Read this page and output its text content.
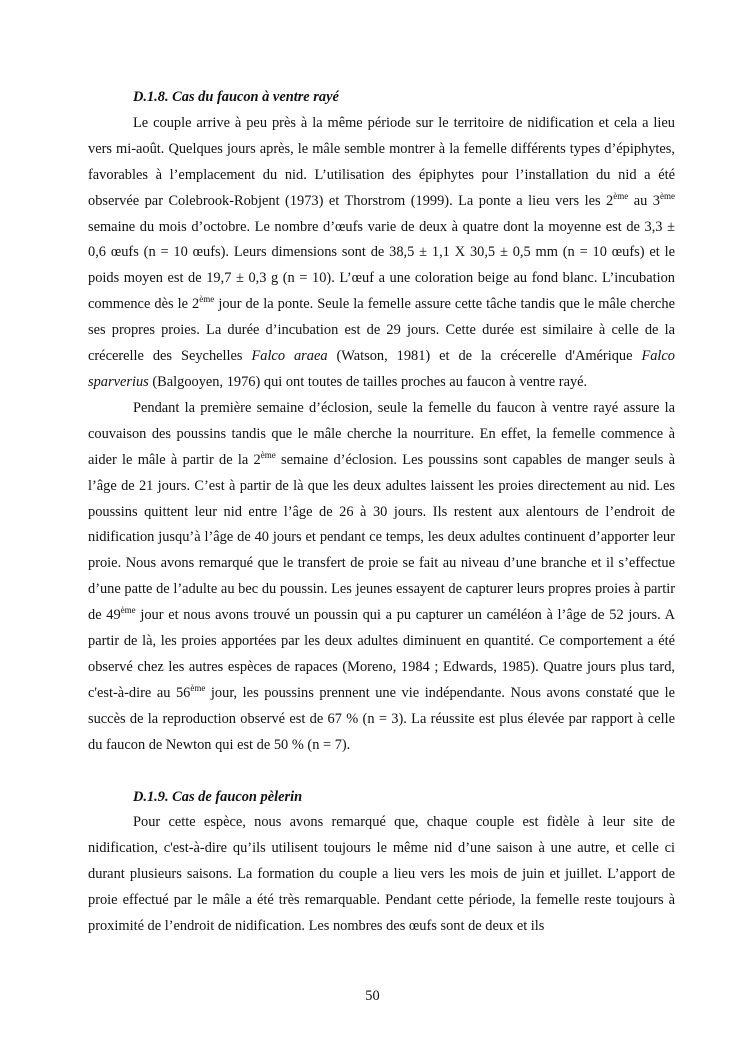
D.1.8. Cas du faucon à ventre rayé

Le couple arrive à peu près à la même période sur le territoire de nidification et cela a lieu vers mi-août. Quelques jours après, le mâle semble montrer à la femelle différents types d’épiphytes, favorables à l’emplacement du nid. L’utilisation des épiphytes pour l’installation du nid a été observée par Colebrook-Robjent (1973) et Thorstrom (1999). La ponte a lieu vers les 2ème au 3ème semaine du mois d’octobre. Le nombre d’œufs varie de deux à quatre dont la moyenne est de 3,3 ± 0,6 œufs (n = 10 œufs). Leurs dimensions sont de 38,5 ± 1,1 X 30,5 ± 0,5 mm (n = 10 œufs) et le poids moyen est de 19,7 ± 0,3 g (n = 10). L’œuf a une coloration beige au fond blanc. L’incubation commence dès le 2ème jour de la ponte. Seule la femelle assure cette tâche tandis que le mâle cherche ses propres proies. La durée d’incubation est de 29 jours. Cette durée est similaire à celle de la crécerelle des Seychelles Falco araea (Watson, 1981) et de la crécerelle d'Amérique Falco sparverius (Balgooyen, 1976) qui ont toutes de tailles proches au faucon à ventre rayé.

Pendant la première semaine d’éclosion, seule la femelle du faucon à ventre rayé assure la couvaison des poussins tandis que le mâle cherche la nourriture. En effet, la femelle commence à aider le mâle à partir de la 2ème semaine d’éclosion. Les poussins sont capables de manger seuls à l’âge de 21 jours. C’est à partir de là que les deux adultes laissent les proies directement au nid. Les poussins quittent leur nid entre l’âge de 26 à 30 jours. Ils restent aux alentours de l’endroit de nidification jusqu’à l’âge de 40 jours et pendant ce temps, les deux adultes continuent d’apporter leur proie. Nous avons remarqué que le transfert de proie se fait au niveau d’une branche et il s’effectue d’une patte de l’adulte au bec du poussin. Les jeunes essayent de capturer leurs propres proies à partir de 49ème jour et nous avons trouvé un poussin qui a pu capturer un caméléon à l’âge de 52 jours. A partir de là, les proies apportées par les deux adultes diminuent en quantité. Ce comportement a été observé chez les autres espèces de rapaces (Moreno, 1984 ; Edwards, 1985). Quatre jours plus tard, c'est-à-dire au 56ème jour, les poussins prennent une vie indépendante. Nous avons constaté que le succès de la reproduction observé est de 67 % (n = 3). La réussite est plus élevée par rapport à celle du faucon de Newton qui est de 50 % (n = 7).

D.1.9. Cas de faucon pèlerin

Pour cette espèce, nous avons remarqué que, chaque couple est fidèle à leur site de nidification, c'est-à-dire qu’ils utilisent toujours le même nid d’une saison à une autre, et celle ci durant plusieurs saisons. La formation du couple a lieu vers les mois de juin et juillet. L’apport de proie effectué par le mâle a été très remarquable. Pendant cette période, la femelle reste toujours à proximité de l’endroit de nidification. Les nombres des œufs sont de deux et ils

50
